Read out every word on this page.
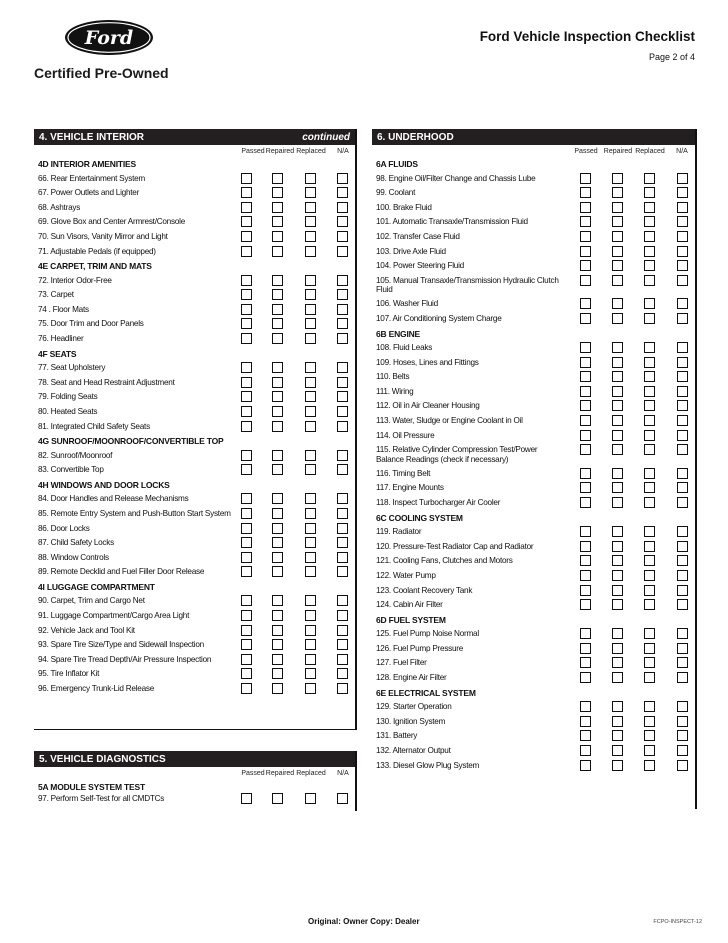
Ford
Certified Pre-Owned
Ford Vehicle Inspection Checklist
Page 2 of 4
4. VEHICLE INTERIOR	continued
Passed Repaired Replaced N/A
4D INTERIOR AMENITIES
66. Rear Entertainment System
67. Power Outlets and Lighter
68. Ashtrays
69. Glove Box and Center Armrest/Console
70. Sun Visors, Vanity Mirror and Light
71. Adjustable Pedals (if equipped)
4E CARPET, TRIM AND MATS
72. Interior Odor-Free
73. Carpet
74 . Floor Mats
75. Door Trim and Door Panels
76. Headliner
4F SEATS
77. Seat Upholstery
78. Seat and Head Restraint Adjustment
79. Folding Seats
80. Heated Seats
81. Integrated Child Safety Seats
4G SUNROOF/MOONROOF/CONVERTIBLE TOP
82. Sunroof/Moonroof
83. Convertible Top
4H WINDOWS AND DOOR LOCKS
84. Door Handles and Release Mechanisms
85. Remote Entry System and Push-Button Start System
86. Door Locks
87. Child Safety Locks
88. Window Controls
89. Remote Decklid and Fuel Filler Door Release
4I LUGGAGE COMPARTMENT
90. Carpet, Trim and Cargo Net
91. Luggage Compartment/Cargo Area Light
92. Vehicle Jack and Tool Kit
93. Spare Tire Size/Type and Sidewall Inspection
94. Spare Tire Tread Depth/Air Pressure Inspection
95. Tire Inflator Kit
96. Emergency Trunk-Lid Release
5. VEHICLE DIAGNOSTICS
Passed Repaired Replaced N/A
5A MODULE SYSTEM TEST
97. Perform Self-Test for all CMDTCs
6. UNDERHOOD
Passed Repaired Replaced N/A
6A FLUIDS
98. Engine Oil/Filter Change and Chassis Lube
99. Coolant
100. Brake Fluid
101. Automatic Transaxle/Transmission Fluid
102. Transfer Case Fluid
103. Drive Axle Fluid
104. Power Steering Fluid
105. Manual Transaxle/Transmission Hydraulic Clutch Fluid
106. Washer Fluid
107. Air Conditioning System Charge
6B ENGINE
108. Fluid Leaks
109. Hoses, Lines and Fittings
110. Belts
111. Wiring
112. Oil in Air Cleaner Housing
113. Water, Sludge or Engine Coolant in Oil
114. Oil Pressure
115. Relative Cylinder Compression Test/Power Balance Readings (check if necessary)
116. Timing Belt
117. Engine Mounts
118. Inspect Turbocharger Air Cooler
6C COOLING SYSTEM
119. Radiator
120. Pressure-Test Radiator Cap and Radiator
121. Cooling Fans, Clutches and Motors
122. Water Pump
123. Coolant Recovery Tank
124. Cabin Air Filter
6D FUEL SYSTEM
125. Fuel Pump Noise Normal
126. Fuel Pump Pressure
127. Fuel Filter
128. Engine Air Filter
6E ELECTRICAL SYSTEM
129. Starter Operation
130. Ignition System
131. Battery
132. Alternator Output
133. Diesel Glow Plug System
Original: Owner Copy: Dealer	FCPO-INSPECT-12
